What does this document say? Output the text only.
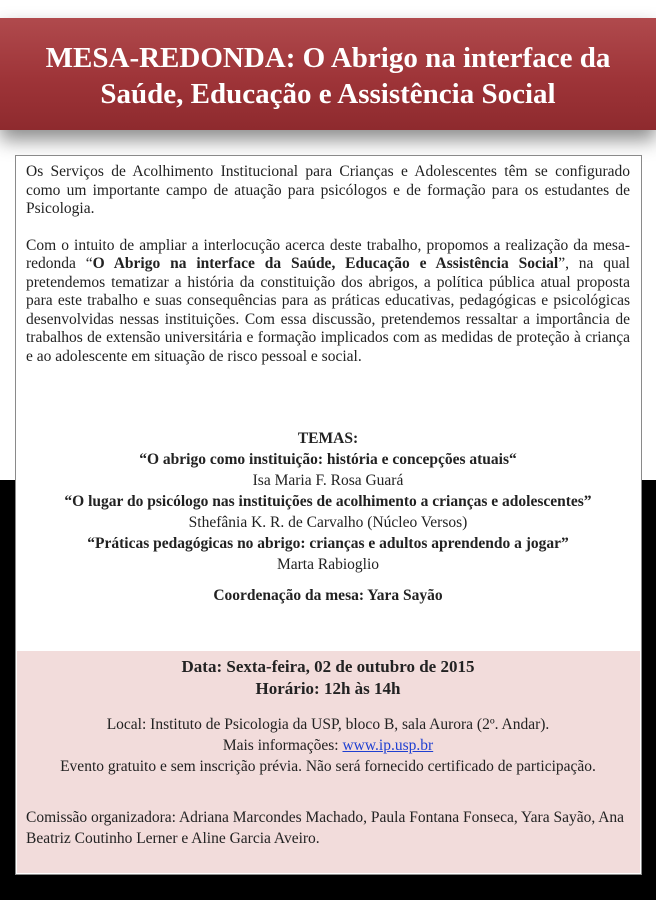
MESA-REDONDA: O Abrigo na interface da
Saúde, Educação e Assistência Social

Os Serviços de Acolhimento Institucional para Crianças e Adolescentes têm se configurado como um importante campo de atuação para psicólogos e de formação para os estudantes de Psicologia.

Com o intuito de ampliar a interlocução acerca deste trabalho, propomos a realização da mesa-redonda “O Abrigo na interface da Saúde, Educação e Assistência Social”, na qual pretendemos tematizar a história da constituição dos abrigos, a política pública atual proposta para este trabalho e suas consequências para as práticas educativas, pedagógicas e psicológicas desenvolvidas nessas instituições. Com essa discussão, pretendemos ressaltar a importância de trabalhos de extensão universitária e formação implicados com as medidas de proteção à criança e ao adolescente em situação de risco pessoal e social.

TEMAS:
“O abrigo como instituição: história e concepções atuais“
Isa Maria F. Rosa Guará
“O lugar do psicólogo nas instituições de acolhimento a crianças e adolescentes”
Sthefânia K. R. de Carvalho (Núcleo Versos)
“Práticas pedagógicas no abrigo: crianças e adultos aprendendo a jogar”
Marta Rabioglio
Coordenação da mesa: Yara Sayão
Data: Sexta-feira, 02 de outubro de 2015
Horário: 12h às 14h
Local: Instituto de Psicologia da USP, bloco B, sala Aurora (2º. Andar).
Mais informações: www.ip.usp.br
Evento gratuito e sem inscrição prévia. Não será fornecido certificado de participação.
Comissão organizadora: Adriana Marcondes Machado, Paula Fontana Fonseca, Yara Sayão, Ana Beatriz Coutinho Lerner e Aline Garcia Aveiro.
